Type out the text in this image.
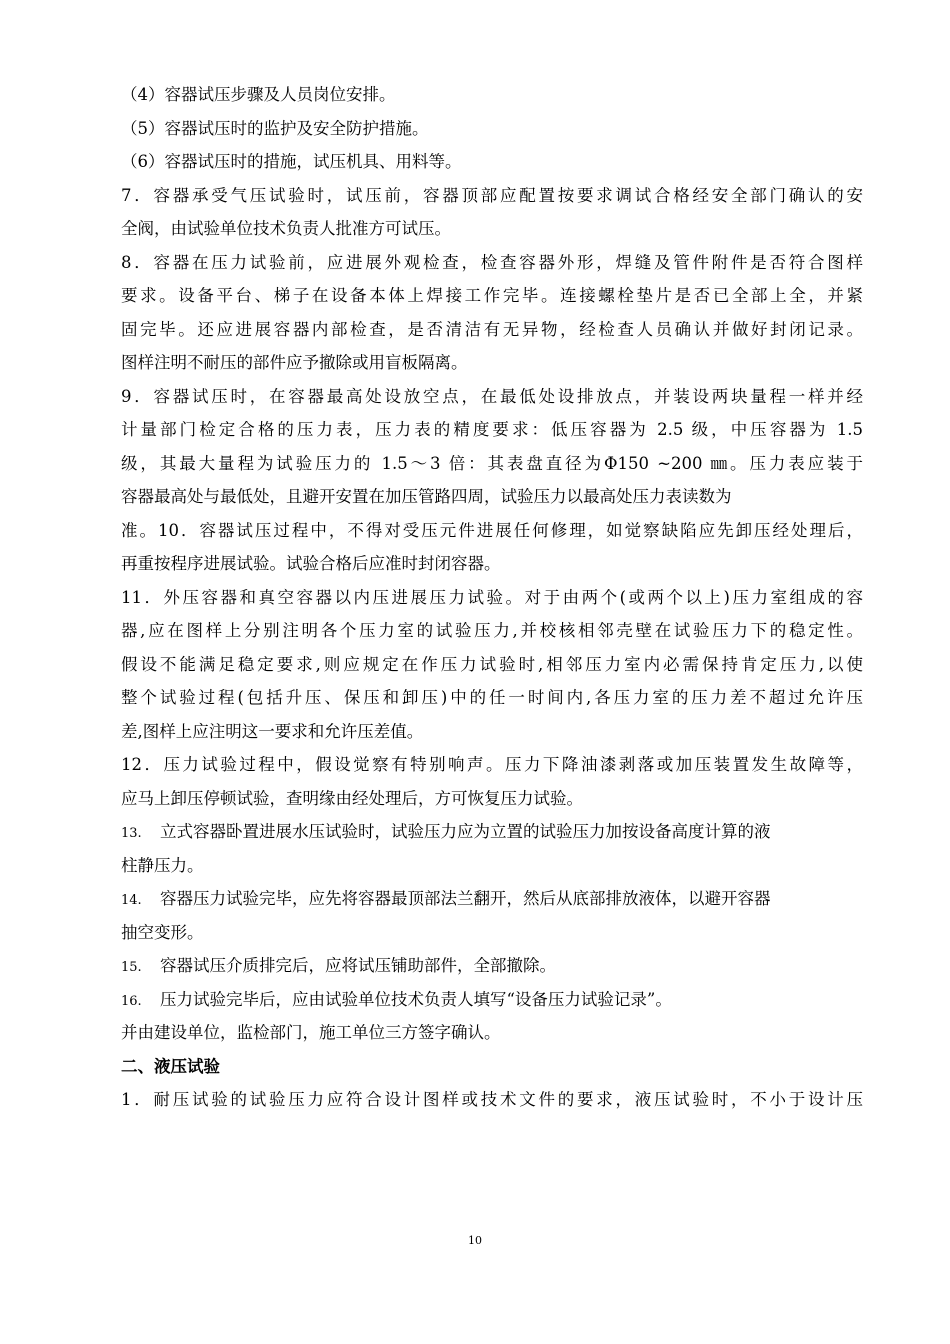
（4）容器试压步骤及人员岗位安排。
（5）容器试压时的监护及安全防护措施。
（6）容器试压时的措施，试压机具、用料等。
7．容器承受气压试验时，试压前，容器顶部应配置按要求调试合格经安全部门确认的安
全阀，由试验单位技术负责人批准方可试压。
8．容器在压力试验前，应进展外观检查，检查容器外形，焊缝及管件附件是否符合图样
要求。设备平台、梯子在设备本体上焊接工作完毕。连接螺栓垫片是否已全部上全，并紧
固完毕。还应进展容器内部检查，是否清洁有无异物，经检查人员确认并做好封闭记录。
图样注明不耐压的部件应予撤除或用盲板隔离。
9．容器试压时，在容器最高处设放空点，在最低处设排放点，并装设两块量程一样并经
计量部门检定合格的压力表，压力表的精度要求：低压容器为 2.5 级，中压容器为 1.5
级，其最大量程为试验压力的 1.5～3 倍：其表盘直径为Φ150 ~200 ㎜。压力表应装于
容器最高处与最低处，且避开安置在加压管路四周，试验压力以最高处压力表读数为
准。10．容器试压过程中，不得对受压元件进展任何修理，如觉察缺陷应先卸压经处理后，
再重按程序进展试验。试验合格后应准时封闭容器。
11．外压容器和真空容器以内压进展压力试验。对于由两个(或两个以上)压力室组成的容
器,应在图样上分别注明各个压力室的试验压力,并校核相邻壳壁在试验压力下的稳定性。
假设不能满足稳定要求,则应规定在作压力试验时,相邻压力室内必需保持肯定压力,以使
整个试验过程(包括升压、保压和卸压)中的任一时间内,各压力室的压力差不超过允许压
差,图样上应注明这一要求和允许压差值。
12．压力试验过程中，假设觉察有特别响声。压力下降油漆剥落或加压装置发生故障等，
应马上卸压停顿试验，查明缘由经处理后，方可恢复压力试验。
13. 立式容器卧置进展水压试验时，试验压力应为立置的试验压力加按设备高度计算的液
柱静压力。
14. 容器压力试验完毕，应先将容器最顶部法兰翻开，然后从底部排放液体，以避开容器
抽空变形。
15. 容器试压介质排完后，应将试压铺助部件，全部撤除。
16. 压力试验完毕后，应由试验单位技术负责人填写“设备压力试验记录”。
并由建设单位，监检部门，施工单位三方签字确认。
二、液压试验
1．耐压试验的试验压力应符合设计图样或技术文件的要求，液压试验时，不小于设计压
10
